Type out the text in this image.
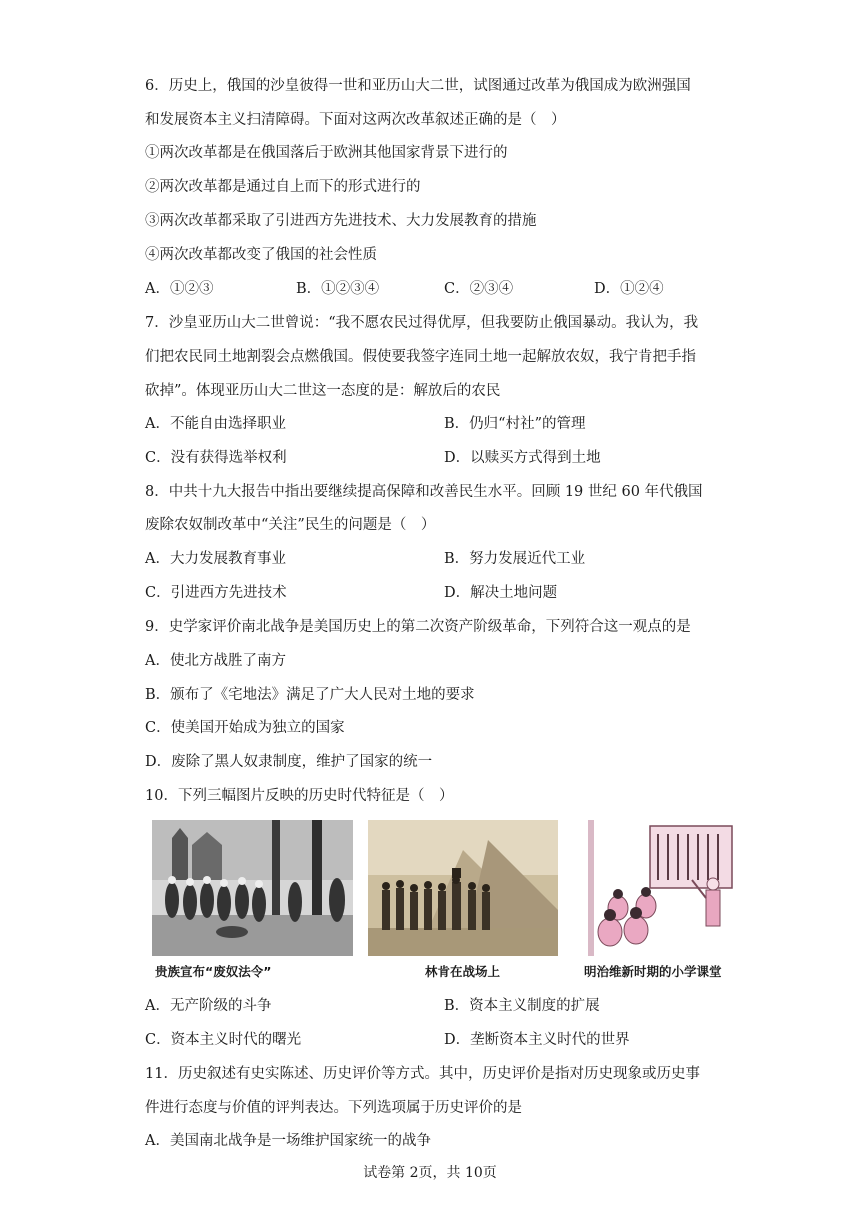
6．历史上，俄国的沙皇彼得一世和亚历山大二世，试图通过改革为俄国成为欧洲强国
和发展资本主义扫清障碍。下面对这两次改革叙述正确的是（　）
①两次改革都是在俄国落后于欧洲其他国家背景下进行的
②两次改革都是通过自上而下的形式进行的
③两次改革都采取了引进西方先进技术、大力发展教育的措施
④两次改革都改变了俄国的社会性质
A．①②③	B．①②③④	C．②③④	D．①②④
7．沙皇亚历山大二世曾说：“我不愿农民过得优厚，但我要防止俄国暴动。我认为，我
们把农民同土地割裂会点燃俄国。假使要我签字连同土地一起解放农奴，我宁肯把手指
砍掉”。体现亚历山大二世这一态度的是：解放后的农民
A．不能自由选择职业	B．仍归“村社”的管理
C．没有获得选举权利	D．以赎买方式得到土地
8．中共十九大报告中指出要继续提高保障和改善民生水平。回顾 19 世纪 60 年代俄国
废除农奴制改革中“关注”民生的问题是（　）
A．大力发展教育事业	B．努力发展近代工业
C．引进西方先进技术	D．解决土地问题
9．史学家评价南北战争是美国历史上的第二次资产阶级革命，下列符合这一观点的是
A．使北方战胜了南方
B．颁布了《宅地法》满足了广大人民对土地的要求
C．使美国开始成为独立的国家
D．废除了黑人奴隶制度，维护了国家的统一
10．下列三幅图片反映的历史时代特征是（　）
贵族宣布“废奴法令”	林肯在战场上	明治维新时期的小学课堂
A．无产阶级的斗争	B．资本主义制度的扩展
C．资本主义时代的曙光	D．垄断资本主义时代的世界
11．历史叙述有史实陈述、历史评价等方式。其中，历史评价是指对历史现象或历史事
件进行态度与价值的评判表达。下列选项属于历史评价的是
A．美国南北战争是一场维护国家统一的战争
试卷第 2页，共 10页
